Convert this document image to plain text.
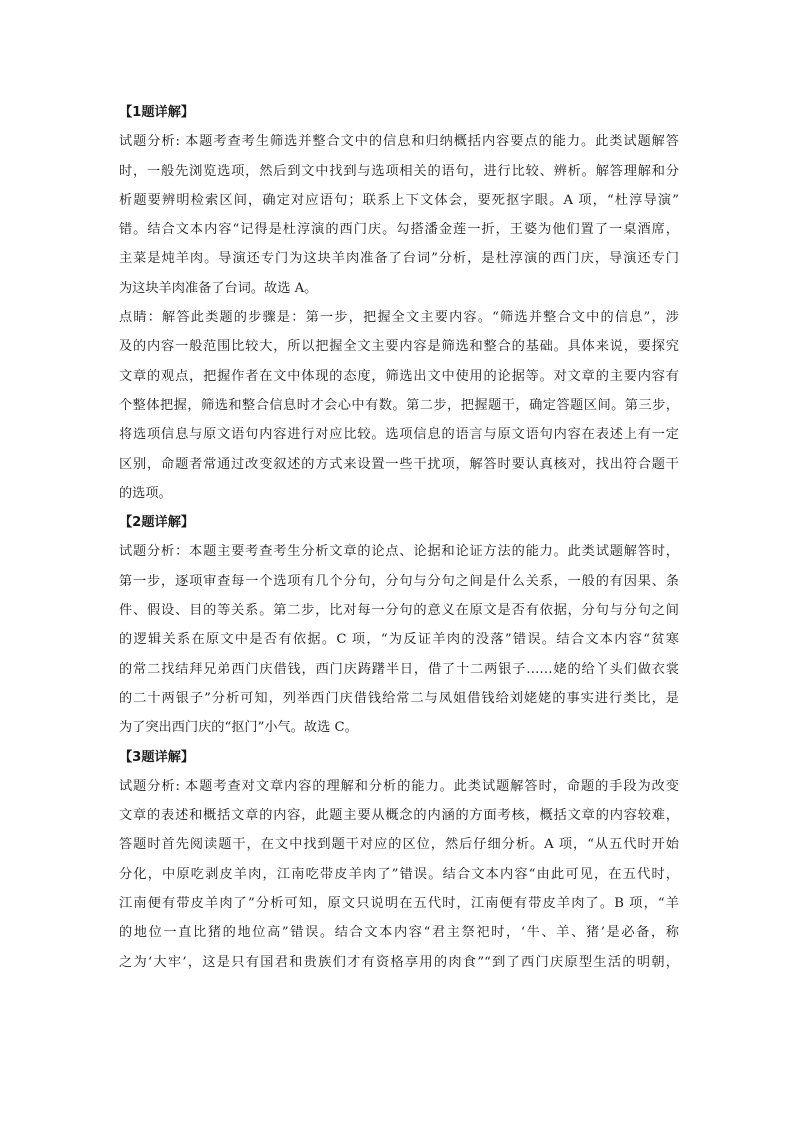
【1题详解】

试题分析: 本题考查考生筛选并整合文中的信息和归纳概括内容要点的能力。此类试题解答
时，一般先浏览选项，然后到文中找到与选项相关的语句，进行比较、辨析。解答理解和分
析题要辨明检索区间，确定对应语句；联系上下文体会，要死抠字眼。A 项，“杜淳导演”
错。结合文本内容“记得是杜淳演的西门庆。勾搭潘金莲一折，王婆为他们置了一桌酒席，
主菜是炖羊肉。导演还专门为这块羊肉准备了台词”分析，是杜淳演的西门庆，导演还专门
为这块羊肉准备了台词。故选 A。
点睛：解答此类题的步骤是：第一步，把握全文主要内容。“筛选并整合文中的信息”，涉
及的内容一般范围比较大，所以把握全文主要内容是筛选和整合的基础。具体来说，要探究
文章的观点，把握作者在文中体现的态度，筛选出文中使用的论据等。对文章的主要内容有
个整体把握，筛选和整合信息时才会心中有数。第二步，把握题干，确定答题区间。第三步，
将选项信息与原文语句内容进行对应比较。选项信息的语言与原文语句内容在表述上有一定
区别，命题者常通过改变叙述的方式来设置一些干扰项，解答时要认真核对，找出符合题干
的选项。

【2题详解】

试题分析：本题主要考查考生分析文章的论点、论据和论证方法的能力。此类试题解答时，
第一步，逐项审查每一个选项有几个分句，分句与分句之间是什么关系，一般的有因果、条
件、假设、目的等关系。第二步，比对每一分句的意义在原文是否有依据，分句与分句之间
的逻辑关系在原文中是否有依据。C 项，“为反证羊肉的没落”错误。结合文本内容“贫寒
的常二找结拜兄弟西门庆借钱，西门庆踌躇半日，借了十二两银子……姥的给丫头们做衣裳
的二十两银子”分析可知，列举西门庆借钱给常二与凤姐借钱给刘姥姥的事实进行类比，是
为了突出西门庆的“抠门”小气。故选 C。

【3题详解】

试题分析: 本题考查对文章内容的理解和分析的能力。此类试题解答时，命题的手段为改变
文章的表述和概括文章的内容，此题主要从概念的内涵的方面考核，概括文章的内容较难，
答题时首先阅读题干，在文中找到题干对应的区位，然后仔细分析。A 项，“从五代时开始
分化，中原吃剥皮羊肉，江南吃带皮羊肉了”错误。结合文本内容“由此可见，在五代时，
江南便有带皮羊肉了”分析可知，原文只说明在五代时，江南便有带皮羊肉了。B 项，“羊
的地位一直比猪的地位高”错误。结合文本内容“君主祭祀时，‘牛、羊、猪’是必备，称
之为‘大牢’，这是只有国君和贵族们才有资格享用的肉食”“到了西门庆原型生活的明朝，
